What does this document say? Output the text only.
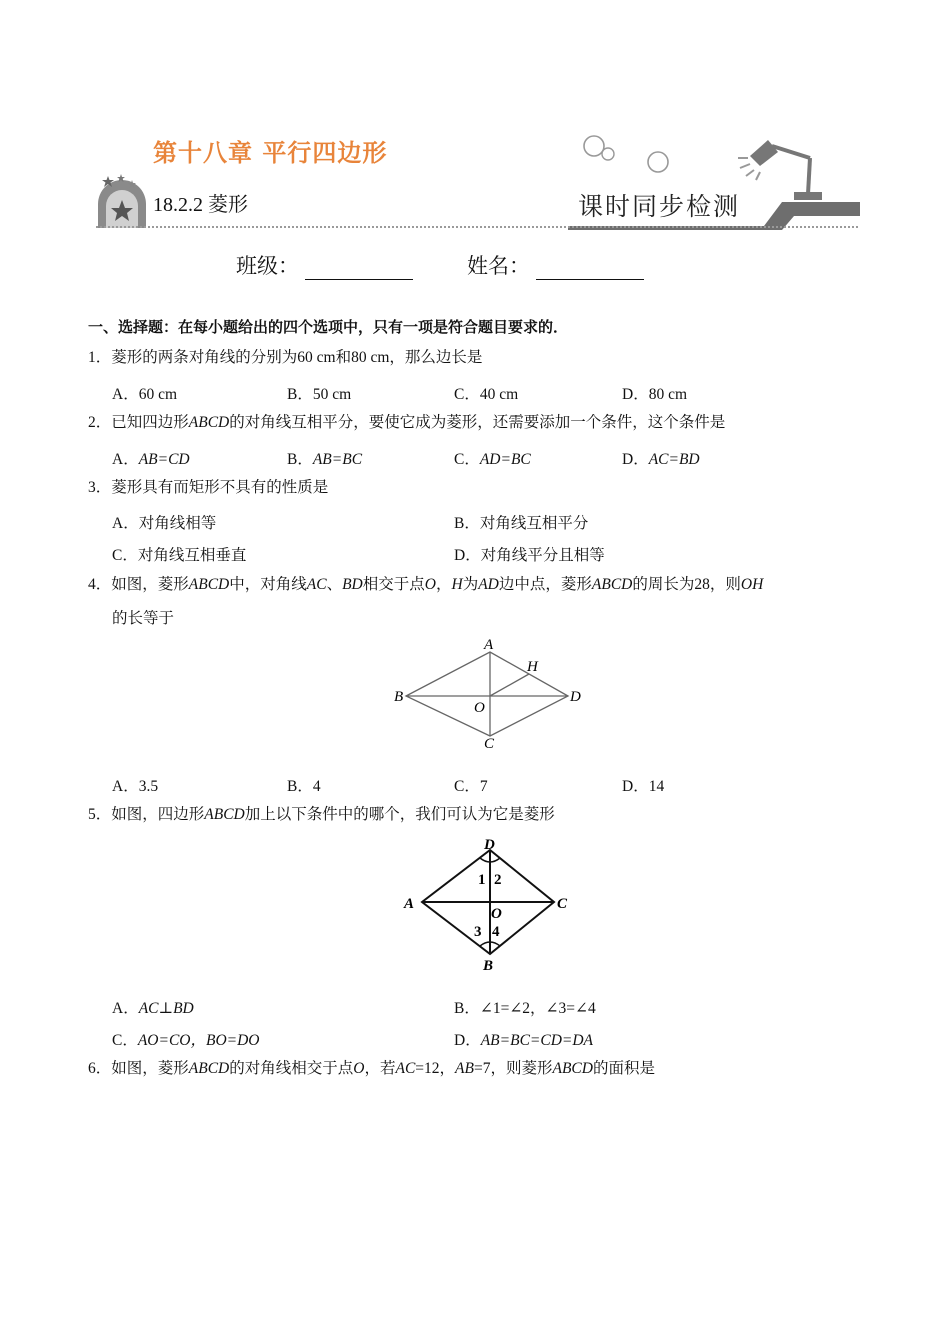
第十八章 平行四边形
18.2.2 菱形	课时同步检测
班级：	姓名：
一、选择题：在每小题给出的四个选项中，只有一项是符合题目要求的．
1．菱形的两条对角线的分别为60 cm和80 cm，那么边长是
A．60 cm	B．50 cm	C．40 cm	D．80 cm
2．已知四边形ABCD的对角线互相平分，要使它成为菱形，还需要添加一个条件，这个条件是
A．AB=CD	B．AB=BC	C．AD=BC	D．AC=BD
3．菱形具有而矩形不具有的性质是
A．对角线相等	B．对角线互相平分
C．对角线互相垂直	D．对角线平分且相等
4．如图，菱形ABCD中，对角线AC、BD相交于点O，H为AD边中点，菱形ABCD的周长为28，则OH
的长等于
A
B	D
C
O
H
A．3.5	B．4	C．7	D．14
5．如图，四边形ABCD加上以下条件中的哪个，我们可认为它是菱形
D
A	C
B
O
1 2
3 4
A．AC⊥BD	B．∠1=∠2，∠3=∠4
C．AO=CO，BO=DO	D．AB=BC=CD=DA
6．如图，菱形ABCD的对角线相交于点O，若AC=12，AB=7，则菱形ABCD的面积是
